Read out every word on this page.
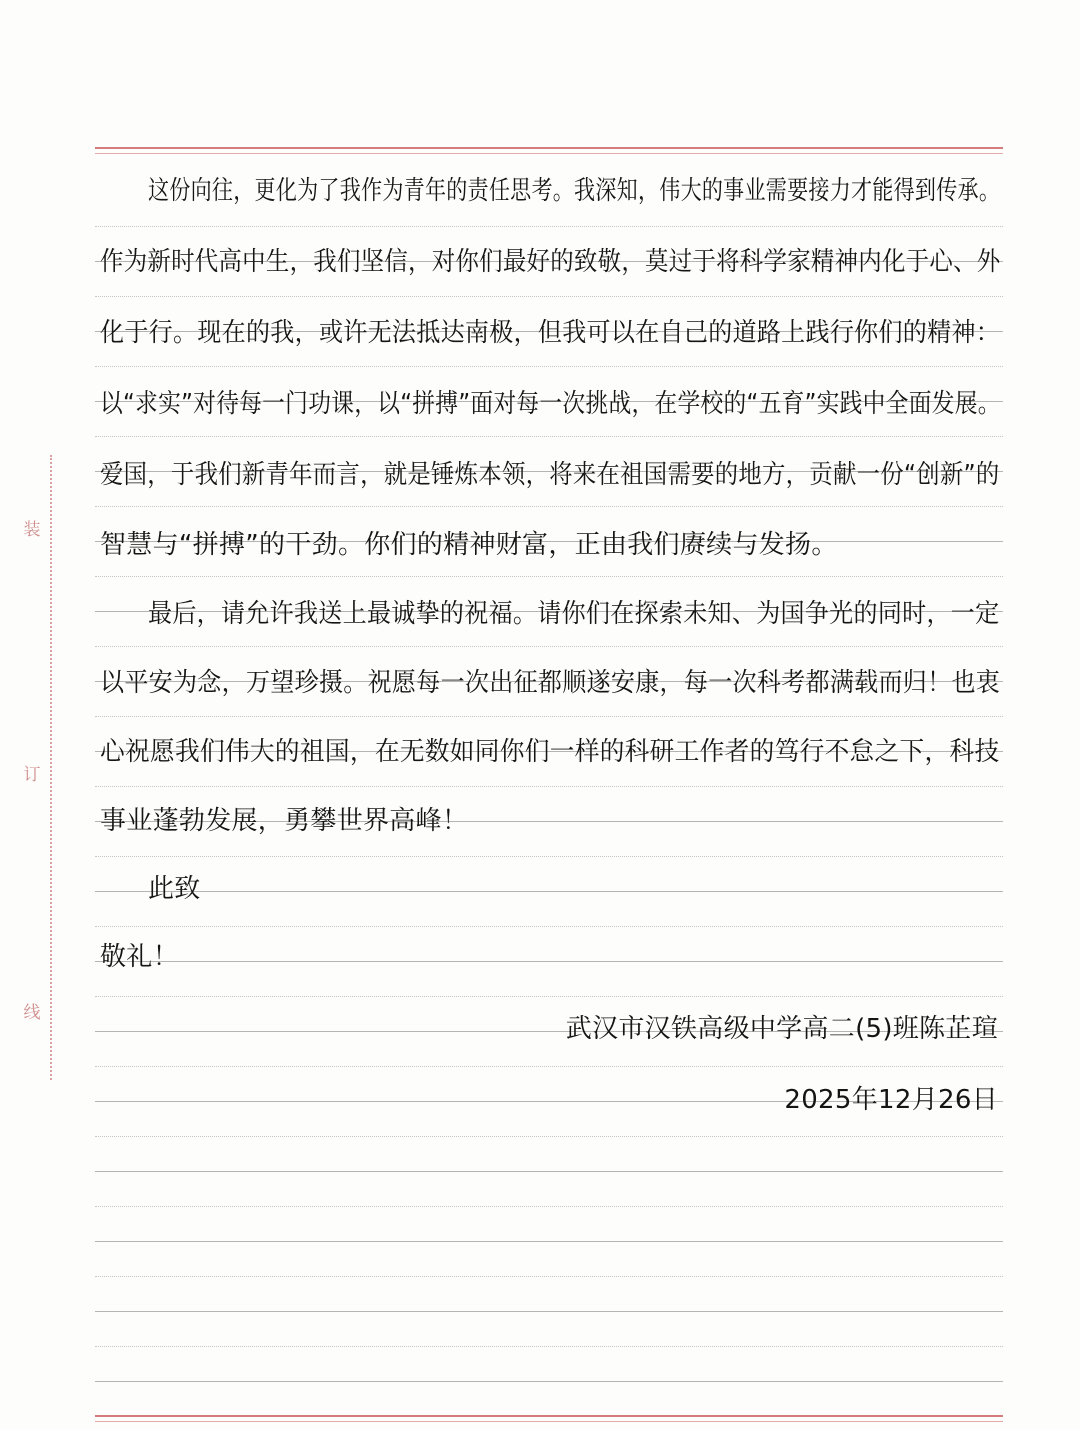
装
订
线
这份向往，更化为了我作为青年的责任思考。我深知，伟大的事业需要接力才能得到传承。
作为新时代高中生，我们坚信，对你们最好的致敬，莫过于将科学家精神内化于心、外
化于行。现在的我，或许无法抵达南极，但我可以在自己的道路上践行你们的精神：
以“求实”对待每一门功课，以“拼搏”面对每一次挑战，在学校的“五育”实践中全面发展。
爱国，于我们新青年而言，就是锤炼本领，将来在祖国需要的地方，贡献一份“创新”的
智慧与“拼搏”的干劲。你们的精神财富，正由我们赓续与发扬。
最后，请允许我送上最诚挚的祝福。请你们在探索未知、为国争光的同时，一定
以平安为念，万望珍摄。祝愿每一次出征都顺遂安康，每一次科考都满载而归！也衷
心祝愿我们伟大的祖国，在无数如同你们一样的科研工作者的笃行不怠之下，科技
事业蓬勃发展，勇攀世界高峰！
此致
敬礼！
武汉市汉铁高级中学高二(5)班陈芷瑄
2025年12月26日
